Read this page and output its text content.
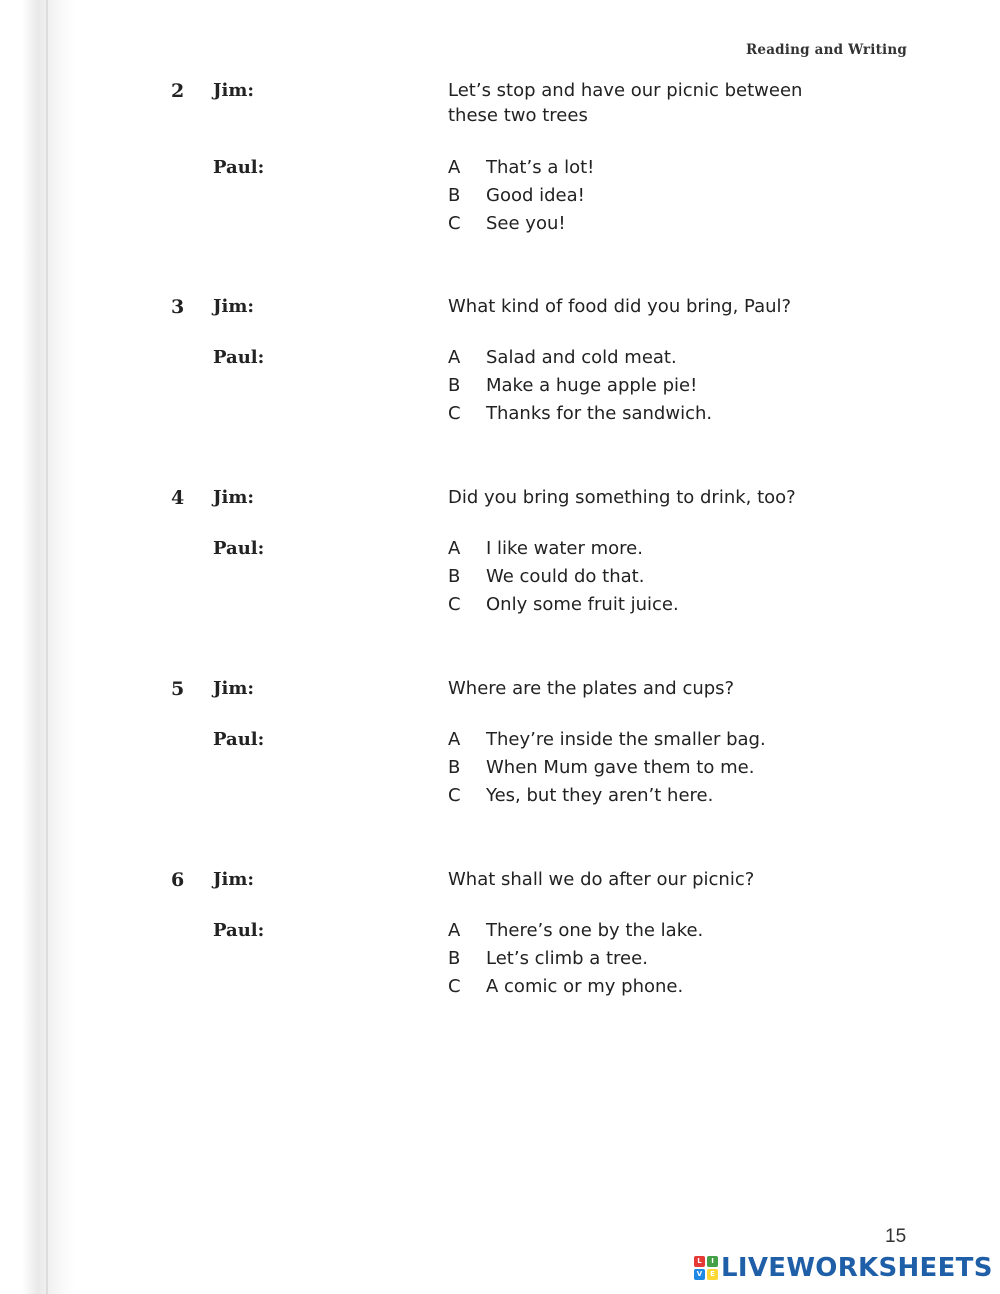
Reading and Writing
2 Jim:	Let’s stop and have our picnic between
these two trees
Paul:	A That’s a lot!
B Good idea!
C See you!
3 Jim:	What kind of food did you bring, Paul?
Paul:	A Salad and cold meat.
B Make a huge apple pie!
C Thanks for the sandwich.
4 Jim:	Did you bring something to drink, too?
Paul:	A I like water more.
B We could do that.
C Only some fruit juice.
5 Jim:	Where are the plates and cups?
Paul:	A They’re inside the smaller bag.
B When Mum gave them to me.
C Yes, but they aren’t here.
6 Jim:	What shall we do after our picnic?
Paul:	A There’s one by the lake.
B Let’s climb a tree.
C A comic or my phone.
15
L	I
V	E LIVEWORKSHEETS
